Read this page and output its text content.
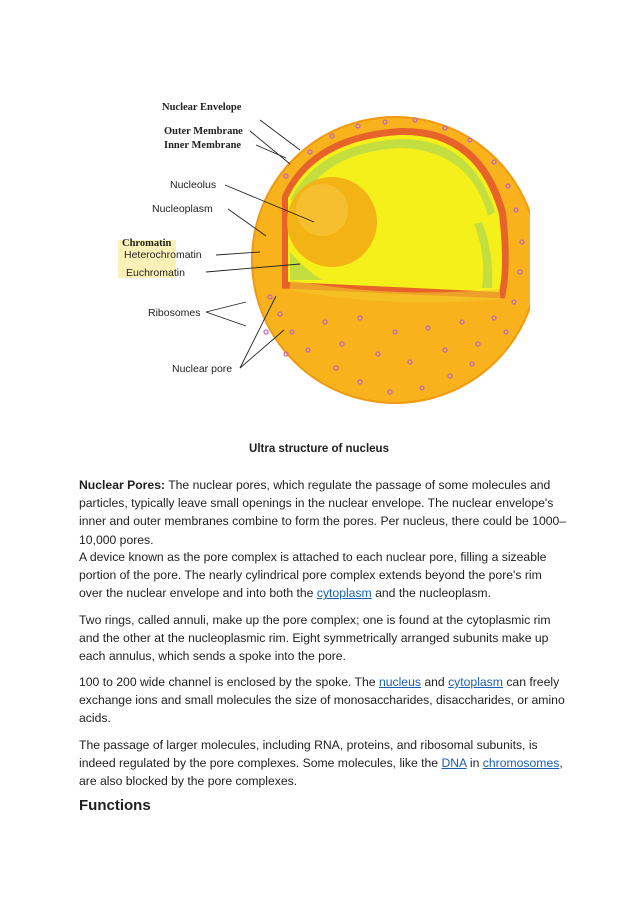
Nuclear Envelope
Outer Membrane
Inner Membrane
Nucleolus
Nucleoplasm
Chromatin
Heterochromatin
Euchromatin
Ribosomes
Nuclear pore
Ultra structure of nucleus

Nuclear Pores: The nuclear pores, which regulate the passage of some molecules and particles, typically leave small openings in the nuclear envelope. The nuclear envelope's inner and outer membranes combine to form the pores. Per nucleus, there could be 1000–10,000 pores.

A device known as the pore complex is attached to each nuclear pore, filling a sizeable portion of the pore. The nearly cylindrical pore complex extends beyond the pore's rim over the nuclear envelope and into both the cytoplasm and the nucleoplasm.

Two rings, called annuli, make up the pore complex; one is found at the cytoplasmic rim and the other at the nucleoplasmic rim. Eight symmetrically arranged subunits make up each annulus, which sends a spoke into the pore.

100 to 200 wide channel is enclosed by the spoke. The nucleus and cytoplasm can freely exchange ions and small molecules the size of monosaccharides, disaccharides, or amino acids.

The passage of larger molecules, including RNA, proteins, and ribosomal subunits, is indeed regulated by the pore complexes. Some molecules, like the DNA in chromosomes, are also blocked by the pore complexes.

Functions
